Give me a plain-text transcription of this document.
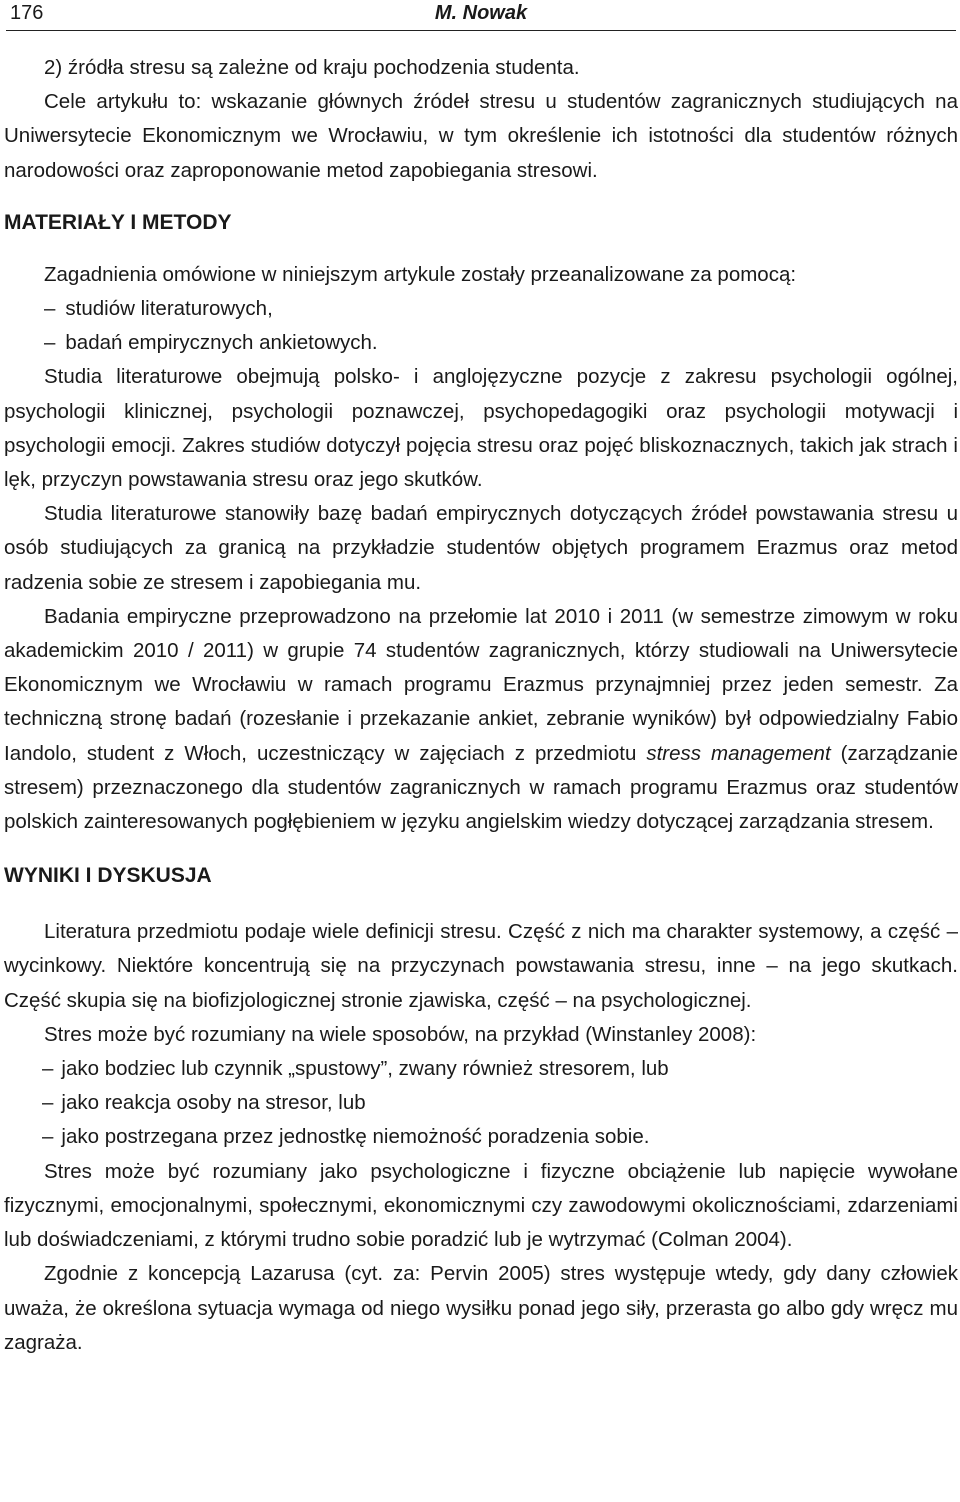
176	M. Nowak

2) źródła stresu są zależne od kraju pochodzenia studenta.

Cele artykułu to: wskazanie głównych źródeł stresu u studentów zagranicznych studiujących na Uniwersytecie Ekonomicznym we Wrocławiu, w tym określenie ich istotności dla studentów różnych narodowości oraz zaproponowanie metod zapobiegania stresowi.

MATERIAŁY I METODY

Zagadnienia omówione w niniejszym artykule zostały przeanalizowane za pomocą:

– studiów literaturowych,

– badań empirycznych ankietowych.

Studia literaturowe obejmują polsko- i anglojęzyczne pozycje z zakresu psychologii ogólnej, psychologii klinicznej, psychologii poznawczej, psychopedagogiki oraz psychologii motywacji i psychologii emocji. Zakres studiów dotyczył pojęcia stresu oraz pojęć bliskoznacznych, takich jak strach i lęk, przyczyn powstawania stresu oraz jego skutków.

Studia literaturowe stanowiły bazę badań empirycznych dotyczących źródeł powstawania stresu u osób studiujących za granicą na przykładzie studentów objętych programem Erazmus oraz metod radzenia sobie ze stresem i zapobiegania mu.

Badania empiryczne przeprowadzono na przełomie lat 2010 i 2011 (w semestrze zimowym w roku akademickim 2010 / 2011) w grupie 74 studentów zagranicznych, którzy studiowali na Uniwersytecie Ekonomicznym we Wrocławiu w ramach programu Erazmus przynajmniej przez jeden semestr. Za techniczną stronę badań (rozesłanie i przekazanie ankiet, zebranie wyników) był odpowiedzialny Fabio Iandolo, student z Włoch, uczestniczący w zajęciach z przedmiotu stress management (zarządzanie stresem) przeznaczonego dla studentów zagranicznych w ramach programu Erazmus oraz studentów polskich zainteresowanych pogłębieniem w języku angielskim wiedzy dotyczącej zarządzania stresem.

WYNIKI I DYSKUSJA

Literatura przedmiotu podaje wiele definicji stresu. Część z nich ma charakter systemowy, a część – wycinkowy. Niektóre koncentrują się na przyczynach powstawania stresu, inne – na jego skutkach. Część skupia się na biofizjologicznej stronie zjawiska, część – na psychologicznej.

Stres może być rozumiany na wiele sposobów, na przykład (Winstanley 2008):

– jako bodziec lub czynnik „spustowy”, zwany również stresorem, lub

– jako reakcja osoby na stresor, lub

– jako postrzegana przez jednostkę niemożność poradzenia sobie.

Stres może być rozumiany jako psychologiczne i fizyczne obciążenie lub napięcie wywołane fizycznymi, emocjonalnymi, społecznymi, ekonomicznymi czy zawodowymi okolicznościami, zdarzeniami lub doświadczeniami, z którymi trudno sobie poradzić lub je wytrzymać (Colman 2004).

Zgodnie z koncepcją Lazarusa (cyt. za: Pervin 2005) stres występuje wtedy, gdy dany człowiek uważa, że określona sytuacja wymaga od niego wysiłku ponad jego siły, przerasta go albo gdy wręcz mu zagraża.
